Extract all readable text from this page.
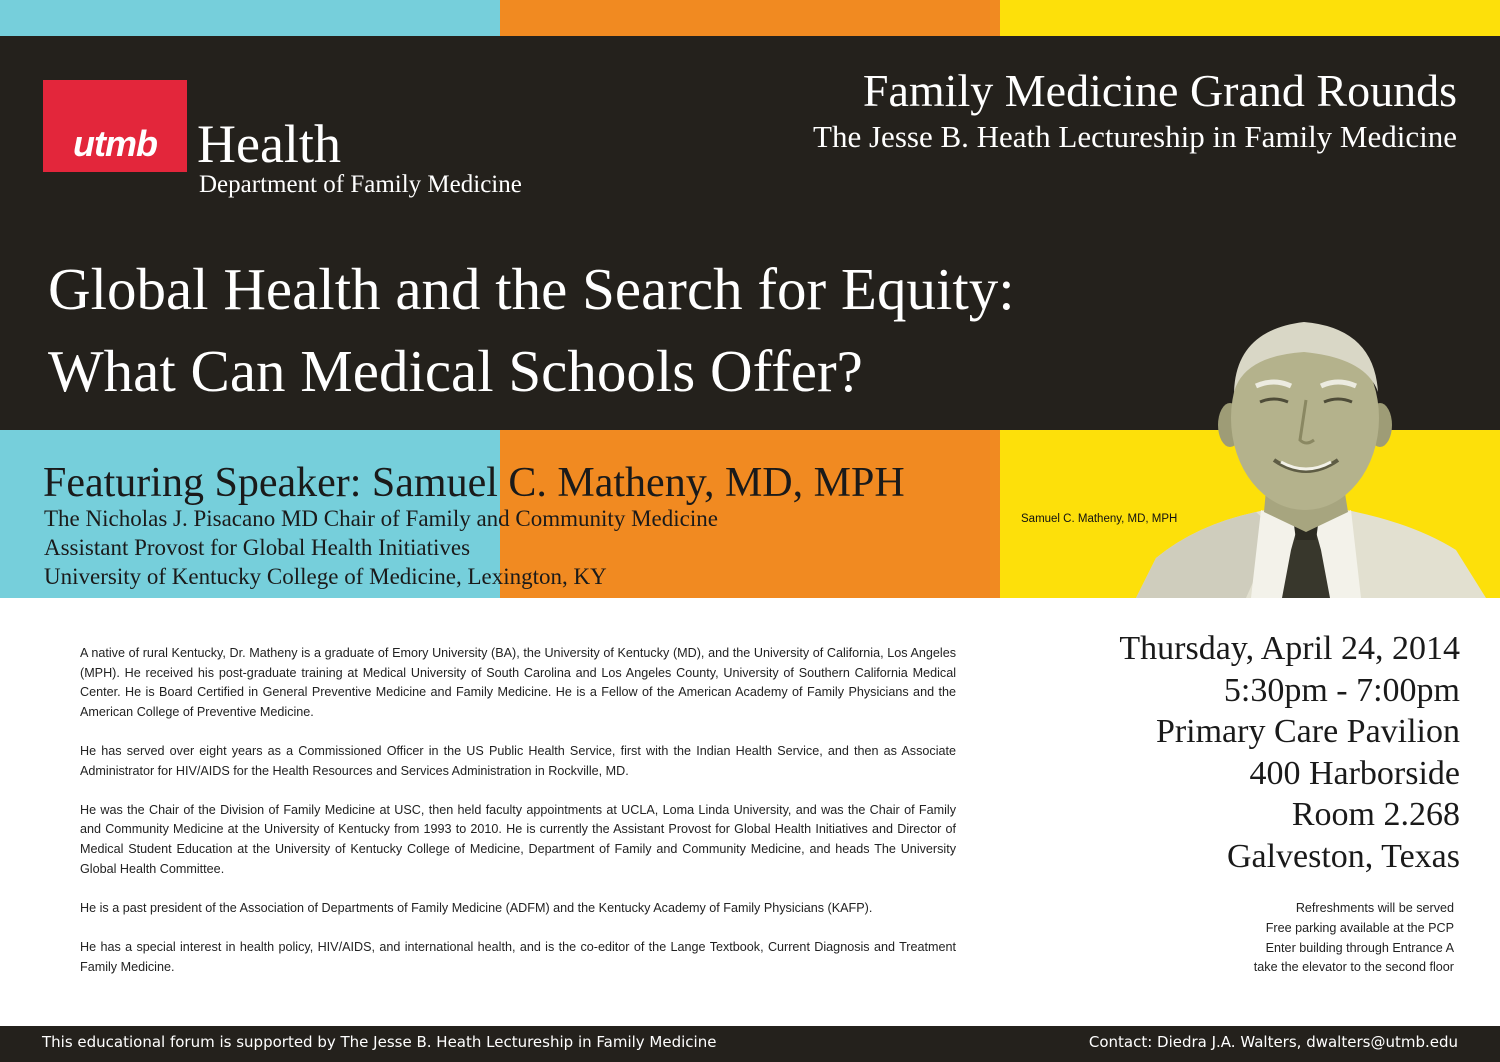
utmb Health
Department of Family Medicine
Family Medicine Grand Rounds
The Jesse B. Heath Lectureship in Family Medicine
Global Health and the Search for Equity:
What Can Medical Schools Offer?
Samuel C. Matheny, MD, MPH
Featuring Speaker: Samuel C. Matheny, MD, MPH
The Nicholas J. Pisacano MD Chair of Family and Community Medicine
Assistant Provost for Global Health Initiatives
University of Kentucky College of Medicine, Lexington, KY

A native of rural Kentucky, Dr. Matheny is a graduate of Emory University (BA), the University of Kentucky (MD), and the University of California, Los Angeles (MPH). He received his post-graduate training at Medical University of South Carolina and Los Angeles County, University of Southern California Medical Center. He is Board Certified in General Preventive Medicine and Family Medicine. He is a Fellow of the American Academy of Family Physicians and the American College of Preventive Medicine.

He has served over eight years as a Commissioned Officer in the US Public Health Service, first with the Indian Health Service, and then as Associate Administrator for HIV/AIDS for the Health Resources and Services Administration in Rockville, MD.

He was the Chair of the Division of Family Medicine at USC, then held faculty appointments at UCLA, Loma Linda University, and was the Chair of Family and Community Medicine at the University of Kentucky from 1993 to 2010. He is currently the Assistant Provost for Global Health Initiatives and Director of Medical Student Education at the University of Kentucky College of Medicine, Department of Family and Community Medicine, and heads The University Global Health Committee.

He is a past president of the Association of Departments of Family Medicine (ADFM) and the Kentucky Academy of Family Physicians (KAFP).

He has a special interest in health policy, HIV/AIDS, and international health, and is the co-editor of the Lange Textbook, Current Diagnosis and Treatment Family Medicine.

Thursday, April 24, 2014
5:30pm - 7:00pm
Primary Care Pavilion
400 Harborside
Room 2.268
Galveston, Texas
Refreshments will be served
Free parking available at the PCP
Enter building through Entrance A
take the elevator to the second floor
This educational forum is supported by The Jesse B. Heath Lectureship in Family Medicine	Contact: Diedra J.A. Walters, dwalters@utmb.edu
